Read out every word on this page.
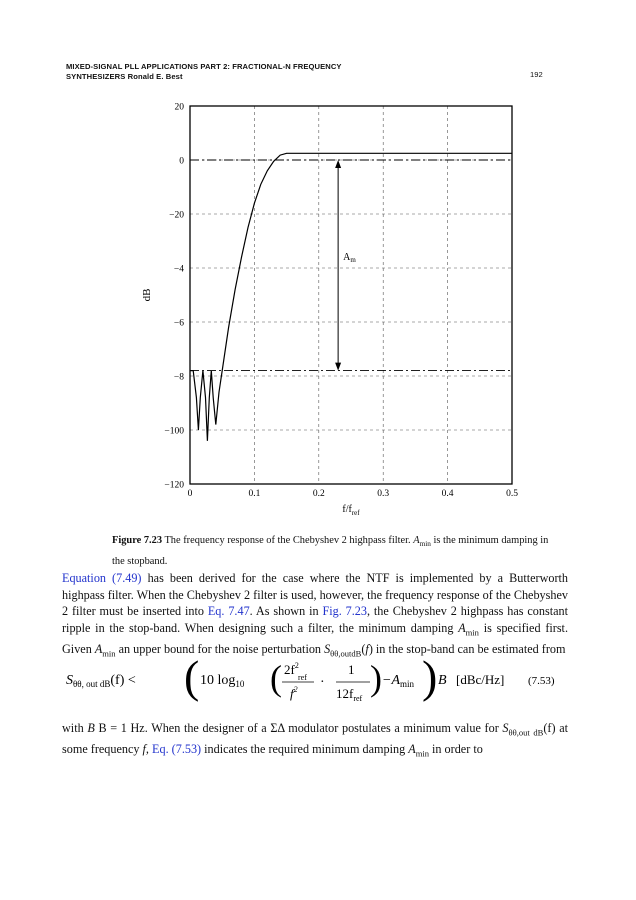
MIXED-SIGNAL PLL APPLICATIONS PART 2: FRACTIONAL-N FREQUENCY
SYNTHESIZERS Ronald E. Best	192
0	0.1	0.2	0.3	0.4	0.5
20
0
−20
−4
−6
−8
−100
−120
$A_m$
dB
$f/f_{ref}$
Figure 7.23 The frequency response of the Chebyshev 2 highpass filter. $A_{min}$ is the minimum damping in the stopband.
Equation (7.49) has been derived for the case where the NTF is implemented by a Butterworth highpass filter. When the Chebyshev 2 filter is used, however, the frequency response of the Chebyshev 2 filter must be inserted into Eq. 7.47. As shown in Fig. 7.23, the Chebyshev 2 highpass has constant ripple in the stop-band. When designing such a filter, the minimum damping $A_{min}$ is specified first. Given $A_{min}$ an upper bound for the noise perturbation $S_{\theta\theta,outdB}(f)$ in the stop-band can be estimated from
$S_{\theta\theta, out dB}(f)$ < ( 10 $\log_{10}$ ( $2f^2$
ref
$f^2$ ·
1
$12f_{ref}$
) $-A_{min}$ ) B [dBc/Hz] (7.53)
with B B = 1 Hz. When the designer of a ΣΔ modulator postulates a minimum value for $S_{\theta\theta,out}$ $_{dB}$(f) at some frequency f, Eq. (7.53) indicates the required minimum damping $A_{min}$ in order to
